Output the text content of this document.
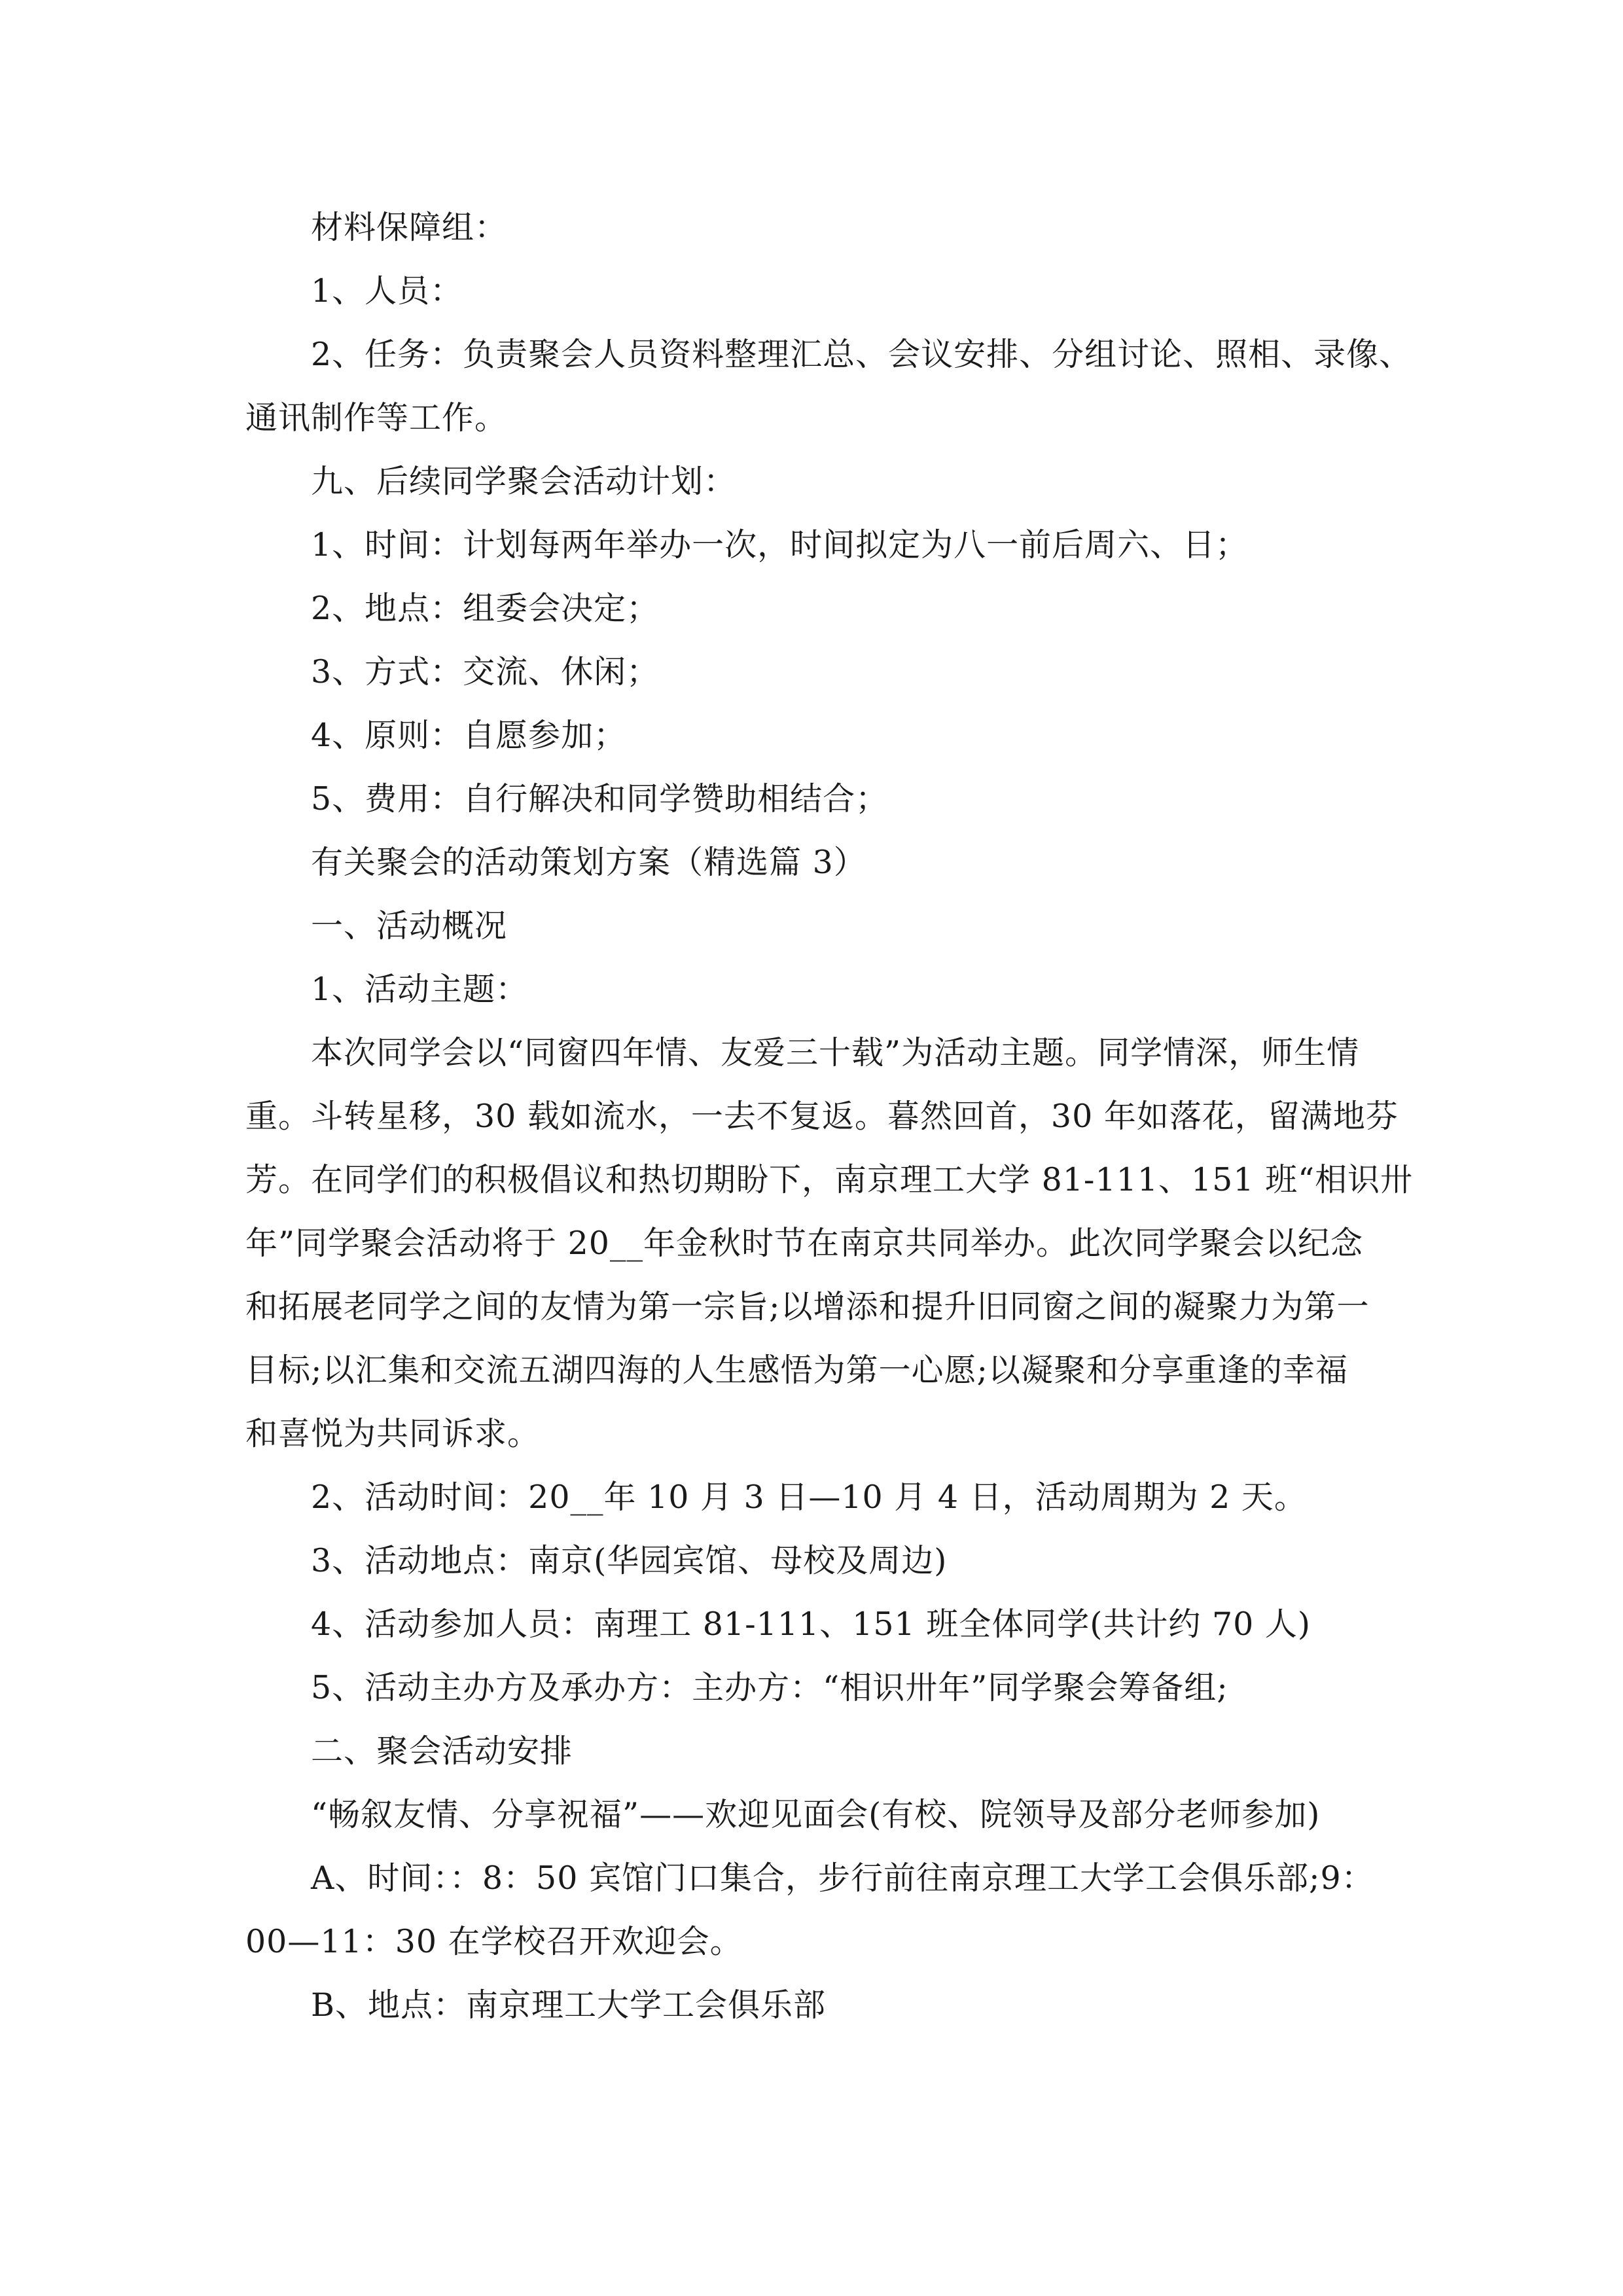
材料保障组：
1、人员：
2、任务：负责聚会人员资料整理汇总、会议安排、分组讨论、照相、录像、
通讯制作等工作。
九、后续同学聚会活动计划：
1、时间：计划每两年举办一次，时间拟定为八一前后周六、日；
2、地点：组委会决定；
3、方式：交流、休闲；
4、原则：自愿参加；
5、费用：自行解决和同学赞助相结合；
有关聚会的活动策划方案（精选篇 3）
一、活动概况
1、活动主题：
本次同学会以“同窗四年情、友爱三十载”为活动主题。同学情深，师生情
重。斗转星移，30 载如流水，一去不复返。暮然回首，30 年如落花，留满地芬
芳。在同学们的积极倡议和热切期盼下，南京理工大学 81-111、151 班“相识卅
年”同学聚会活动将于 20__年金秋时节在南京共同举办。此次同学聚会以纪念
和拓展老同学之间的友情为第一宗旨;以增添和提升旧同窗之间的凝聚力为第一
目标;以汇集和交流五湖四海的人生感悟为第一心愿;以凝聚和分享重逢的幸福
和喜悦为共同诉求。
2、活动时间：20__年 10 月 3 日—10 月 4 日，活动周期为 2 天。
3、活动地点：南京(华园宾馆、母校及周边)
4、活动参加人员：南理工 81-111、151 班全体同学(共计约 70 人)
5、活动主办方及承办方：主办方：“相识卅年”同学聚会筹备组;
二、聚会活动安排
“畅叙友情、分享祝福”——欢迎见面会(有校、院领导及部分老师参加)
A、时间：：8：50 宾馆门口集合，步行前往南京理工大学工会俱乐部;9：
00—11：30 在学校召开欢迎会。
B、地点：南京理工大学工会俱乐部
